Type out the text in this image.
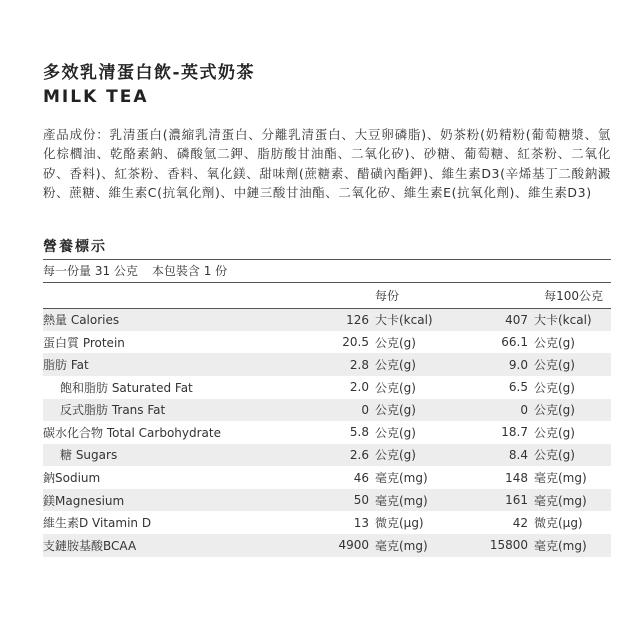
多效乳清蛋白飲-英式奶茶
MILK TEA
產品成份：乳清蛋白(濃縮乳清蛋白、分離乳清蛋白、大豆卵磷脂)、奶茶粉(奶精粉(葡萄糖漿、氫化棕櫚油、乾酪素鈉、磷酸氫二鉀、脂肪酸甘油酯、二氧化矽)、砂糖、葡萄糖、紅茶粉、二氧化矽、香料)、紅茶粉、香料、氧化鎂、甜味劑(蔗糖素、醋磺內酯鉀)、維生素D3(辛烯基丁二酸鈉澱粉、蔗糖、維生素C(抗氧化劑)、中鏈三酸甘油酯、二氧化矽、維生素E(抗氧化劑)、維生素D3)
營養標示
每一份量 31 公克 本包裝含 1 份
		每份	每100公克	
熱量 Calories	126	大卡(kcal)	407	大卡(kcal)
蛋白質 Protein	20.5	公克(g)	66.1	公克(g)
脂肪 Fat	2.8	公克(g)	9.0	公克(g)
飽和脂肪 Saturated Fat	2.0	公克(g)	6.5	公克(g)
反式脂肪 Trans Fat	0	公克(g)	0	公克(g)
碳水化合物 Total Carbohydrate	5.8	公克(g)	18.7	公克(g)
糖 Sugars	2.6	公克(g)	8.4	公克(g)
鈉Sodium	46	毫克(mg)	148	毫克(mg)
鎂Magnesium	50	毫克(mg)	161	毫克(mg)
維生素D Vitamin D	13	微克(μg)	42	微克(μg)
支鏈胺基酸BCAA	4900	毫克(mg)	15800	毫克(mg)
